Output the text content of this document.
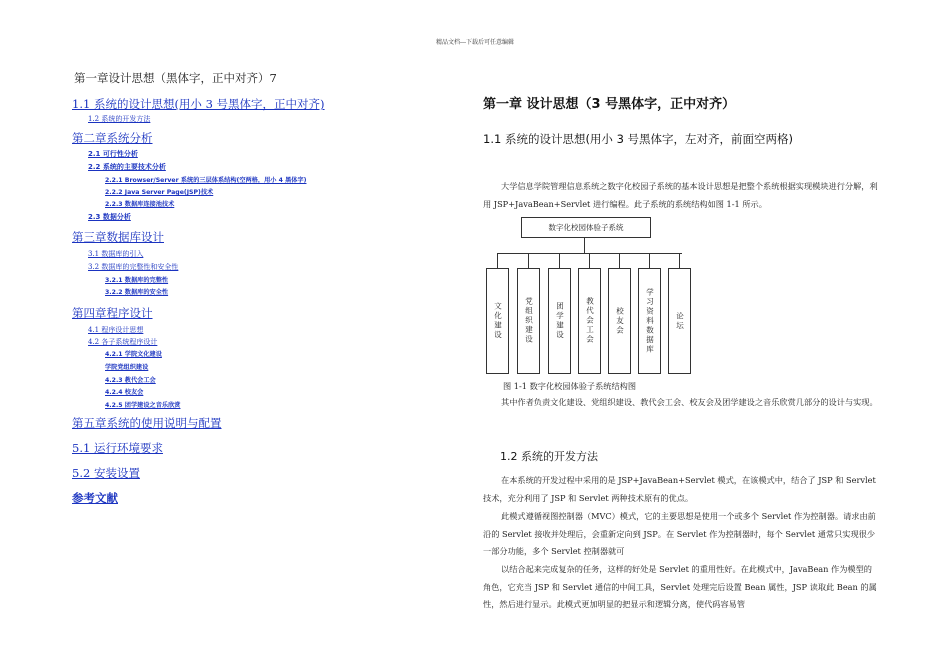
精品文档---下载后可任意编辑
第一章设计思想（黑体字，正中对齐）7
1.1 系统的设计思想(用小 3 号黑体字，正中对齐)
1.2 系统的开发方法
第二章系统分析
2.1 可行性分析
2.2 系统的主要技术分析
2.2.1 Browser/Server 系统的三层体系结构(空两格，用小 4 黑体字)
2.2.2 Java Server Page(JSP)技术
2.2.3 数据库连接池技术
2.3 数据分析
第三章数据库设计
3.1 数据库的引入
3.2 数据库的完整性和安全性
3.2.1 数据库的完整性
3.2.2 数据库的安全性
第四章程序设计
4.1 程序设计思想
4.2 各子系统程序设计
4.2.1 学院文化建设
学院党组织建设
4.2.3 教代会工会
4.2.4 校友会
4.2.5 团学建设之音乐欣赏
第五章系统的使用说明与配置
5.1 运行环境要求
5.2 安装设置
参考文献
第一章 设计思想（3 号黑体字，正中对齐）
1.1 系统的设计思想(用小 3 号黑体字，左对齐，前面空两格)
大学信息学院管理信息系统之数字化校园子系统的基本设计思想是把整个系统根据实现模块进行分解，利用 JSP+JavaBean+Servlet 进行编程。此子系统的系统结构如图 1-1 所示。
数字化校园体验子系统
文化建设	党组织建设	团学建设	教代会工会	校友会	学习资料数据库	论坛
图 1-1 数字化校园体验子系统结构图
其中作者负责文化建设、党组织建设、教代会工会、校友会及团学建设之音乐欣赏几部分的设计与实现。
1.2 系统的开发方法
在本系统的开发过程中采用的是 JSP+JavaBean+Servlet 模式，在该模式中，结合了 JSP 和 Servlet 技术，充分利用了 JSP 和 Servlet 两种技术原有的优点。
此模式遵循视图控制器（MVC）模式，它的主要思想是使用一个或多个 Servlet 作为控制器。请求由前沿的 Servlet 接收并处理后，会重新定向到 JSP。在 Servlet 作为控制器时，每个 Servlet 通常只实现很少一部分功能，多个 Servlet 控制器就可
以结合起来完成复杂的任务，这样的好处是 Servlet 的重用性好。在此模式中，JavaBean 作为模型的角色，它充当 JSP 和 Servlet 通信的中间工具，Servlet 处理完后设置 Bean 属性，JSP 读取此 Bean 的属性，然后进行显示。此模式更加明显的把显示和逻辑分离，使代码容易管
